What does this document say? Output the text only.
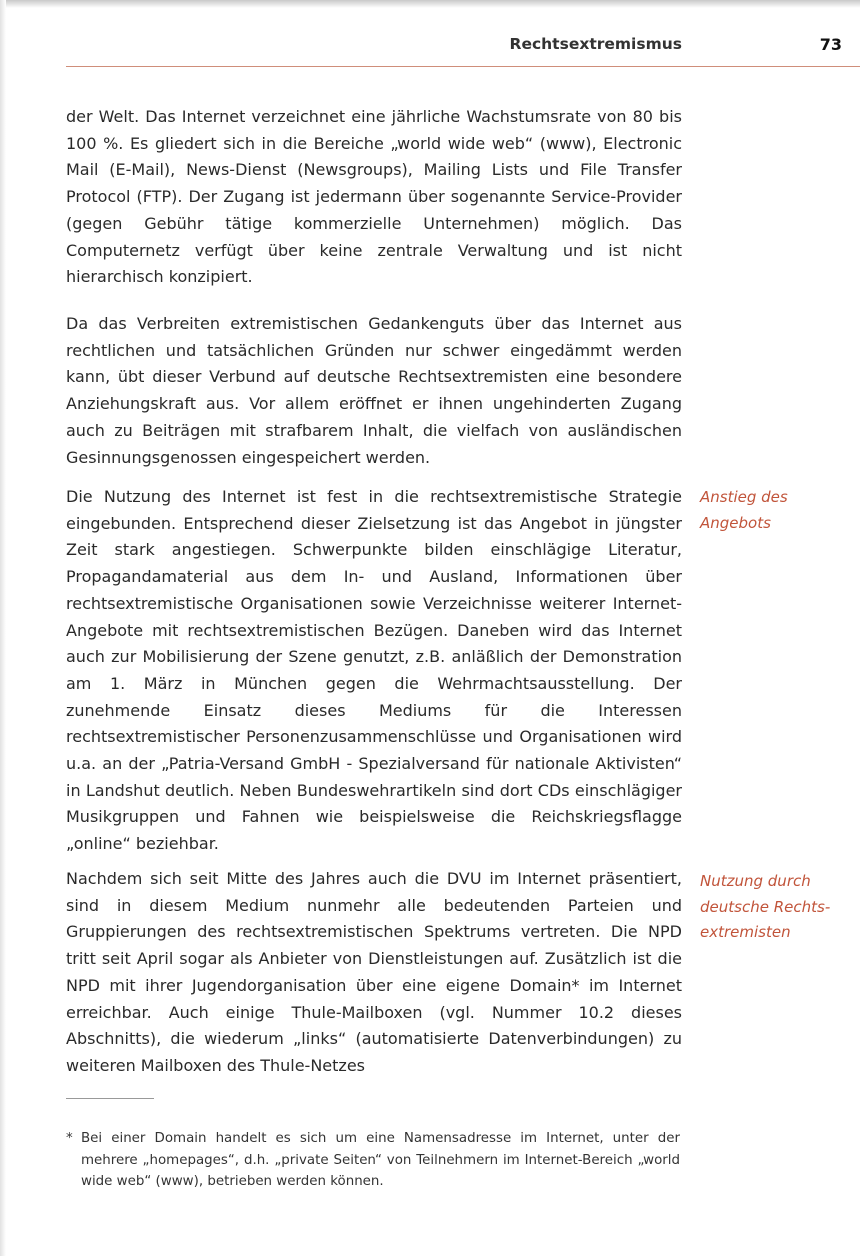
Rechtsextremismus	73

der Welt. Das Internet verzeichnet eine jährliche Wachstumsrate von 80 bis 100 %. Es gliedert sich in die Bereiche „world wide web“ (www), Electronic Mail (E-Mail), News-Dienst (Newsgroups), Mailing Lists und File Transfer Protocol (FTP). Der Zugang ist jedermann über sogenannte Service-Provider (gegen Gebühr tätige kommerzielle Unternehmen) möglich. Das Computernetz verfügt über keine zentrale Verwaltung und ist nicht hierarchisch konzipiert.

Da das Verbreiten extremistischen Gedankenguts über das Internet aus rechtlichen und tatsächlichen Gründen nur schwer eingedämmt werden kann, übt dieser Verbund auf deutsche Rechtsextremisten eine besondere Anziehungskraft aus. Vor allem eröffnet er ihnen ungehinderten Zugang auch zu Beiträgen mit strafbarem Inhalt, die vielfach von ausländischen Gesinnungsgenossen eingespeichert werden.

Die Nutzung des Internet ist fest in die rechtsextremistische Strategie eingebunden. Entsprechend dieser Zielsetzung ist das Angebot in jüngster Zeit stark angestiegen. Schwerpunkte bilden einschlägige Literatur, Propagandamaterial aus dem In- und Ausland, Informationen über rechtsextremistische Organisationen sowie Verzeichnisse weiterer Internet-Angebote mit rechtsextremistischen Bezügen. Daneben wird das Internet auch zur Mobilisierung der Szene genutzt, z.B. anläßlich der Demonstration am 1. März in München gegen die Wehrmachtsausstellung. Der zunehmende Einsatz dieses Mediums für die Interessen rechtsextremistischer Personenzusammenschlüsse und Organisationen wird u.a. an der „Patria-Versand GmbH - Spezialversand für nationale Aktivisten“ in Landshut deutlich. Neben Bundeswehrartikeln sind dort CDs einschlägiger Musikgruppen und Fahnen wie beispielsweise die Reichskriegsflagge „online“ beziehbar.

Nachdem sich seit Mitte des Jahres auch die DVU im Internet präsentiert, sind in diesem Medium nunmehr alle bedeutenden Parteien und Gruppierungen des rechtsextremistischen Spektrums vertreten. Die NPD tritt seit April sogar als Anbieter von Dienstleistungen auf. Zusätzlich ist die NPD mit ihrer Jugendorganisation über eine eigene Domain* im Internet erreichbar. Auch einige Thule-Mailboxen (vgl. Nummer 10.2 dieses Abschnitts), die wiederum „links“ (automatisierte Datenverbindungen) zu weiteren Mailboxen des Thule-Netzes

Anstieg des Angebots
Nutzung durch deutsche Rechtsextremisten
* Bei einer Domain handelt es sich um eine Namensadresse im Internet, unter der mehrere „homepages“, d.h. „private Seiten“ von Teilnehmern im Internet-Bereich „world wide web“ (www), betrieben werden können.
